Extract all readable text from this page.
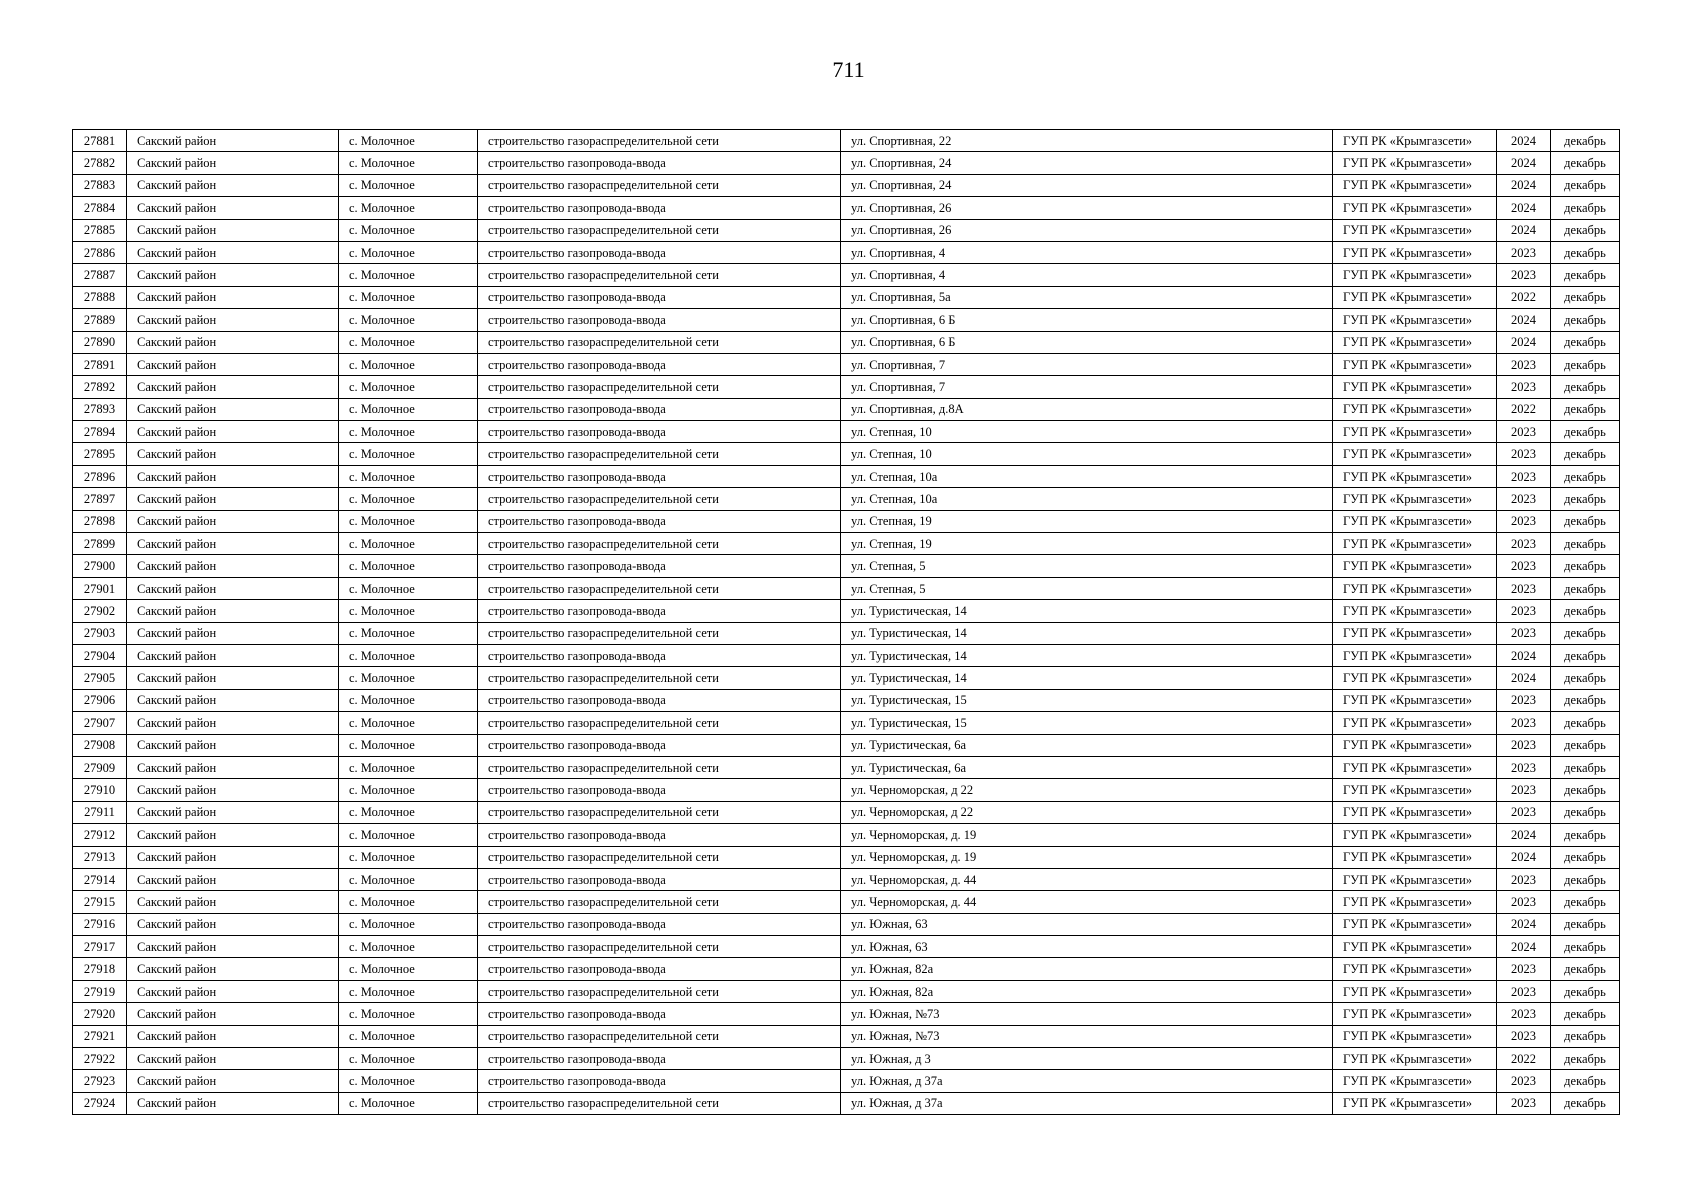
711
27881	Сакский район	с. Молочное	строительство газораспределительной сети	ул. Спортивная, 22	ГУП РК «Крымгазсети»	2024	декабрь
27882	Сакский район	с. Молочное	строительство газопровода-ввода	ул. Спортивная, 24	ГУП РК «Крымгазсети»	2024	декабрь
27883	Сакский район	с. Молочное	строительство газораспределительной сети	ул. Спортивная, 24	ГУП РК «Крымгазсети»	2024	декабрь
27884	Сакский район	с. Молочное	строительство газопровода-ввода	ул. Спортивная, 26	ГУП РК «Крымгазсети»	2024	декабрь
27885	Сакский район	с. Молочное	строительство газораспределительной сети	ул. Спортивная, 26	ГУП РК «Крымгазсети»	2024	декабрь
27886	Сакский район	с. Молочное	строительство газопровода-ввода	ул. Спортивная, 4	ГУП РК «Крымгазсети»	2023	декабрь
27887	Сакский район	с. Молочное	строительство газораспределительной сети	ул. Спортивная, 4	ГУП РК «Крымгазсети»	2023	декабрь
27888	Сакский район	с. Молочное	строительство газопровода-ввода	ул. Спортивная, 5а	ГУП РК «Крымгазсети»	2022	декабрь
27889	Сакский район	с. Молочное	строительство газопровода-ввода	ул. Спортивная, 6 Б	ГУП РК «Крымгазсети»	2024	декабрь
27890	Сакский район	с. Молочное	строительство газораспределительной сети	ул. Спортивная, 6 Б	ГУП РК «Крымгазсети»	2024	декабрь
27891	Сакский район	с. Молочное	строительство газопровода-ввода	ул. Спортивная, 7	ГУП РК «Крымгазсети»	2023	декабрь
27892	Сакский район	с. Молочное	строительство газораспределительной сети	ул. Спортивная, 7	ГУП РК «Крымгазсети»	2023	декабрь
27893	Сакский район	с. Молочное	строительство газопровода-ввода	ул. Спортивная, д.8А	ГУП РК «Крымгазсети»	2022	декабрь
27894	Сакский район	с. Молочное	строительство газопровода-ввода	ул. Степная, 10	ГУП РК «Крымгазсети»	2023	декабрь
27895	Сакский район	с. Молочное	строительство газораспределительной сети	ул. Степная, 10	ГУП РК «Крымгазсети»	2023	декабрь
27896	Сакский район	с. Молочное	строительство газопровода-ввода	ул. Степная, 10а	ГУП РК «Крымгазсети»	2023	декабрь
27897	Сакский район	с. Молочное	строительство газораспределительной сети	ул. Степная, 10а	ГУП РК «Крымгазсети»	2023	декабрь
27898	Сакский район	с. Молочное	строительство газопровода-ввода	ул. Степная, 19	ГУП РК «Крымгазсети»	2023	декабрь
27899	Сакский район	с. Молочное	строительство газораспределительной сети	ул. Степная, 19	ГУП РК «Крымгазсети»	2023	декабрь
27900	Сакский район	с. Молочное	строительство газопровода-ввода	ул. Степная, 5	ГУП РК «Крымгазсети»	2023	декабрь
27901	Сакский район	с. Молочное	строительство газораспределительной сети	ул. Степная, 5	ГУП РК «Крымгазсети»	2023	декабрь
27902	Сакский район	с. Молочное	строительство газопровода-ввода	ул. Туристическая, 14	ГУП РК «Крымгазсети»	2023	декабрь
27903	Сакский район	с. Молочное	строительство газораспределительной сети	ул. Туристическая, 14	ГУП РК «Крымгазсети»	2023	декабрь
27904	Сакский район	с. Молочное	строительство газопровода-ввода	ул. Туристическая, 14	ГУП РК «Крымгазсети»	2024	декабрь
27905	Сакский район	с. Молочное	строительство газораспределительной сети	ул. Туристическая, 14	ГУП РК «Крымгазсети»	2024	декабрь
27906	Сакский район	с. Молочное	строительство газопровода-ввода	ул. Туристическая, 15	ГУП РК «Крымгазсети»	2023	декабрь
27907	Сакский район	с. Молочное	строительство газораспределительной сети	ул. Туристическая, 15	ГУП РК «Крымгазсети»	2023	декабрь
27908	Сакский район	с. Молочное	строительство газопровода-ввода	ул. Туристическая, 6а	ГУП РК «Крымгазсети»	2023	декабрь
27909	Сакский район	с. Молочное	строительство газораспределительной сети	ул. Туристическая, 6а	ГУП РК «Крымгазсети»	2023	декабрь
27910	Сакский район	с. Молочное	строительство газопровода-ввода	ул. Черноморская, д 22	ГУП РК «Крымгазсети»	2023	декабрь
27911	Сакский район	с. Молочное	строительство газораспределительной сети	ул. Черноморская, д 22	ГУП РК «Крымгазсети»	2023	декабрь
27912	Сакский район	с. Молочное	строительство газопровода-ввода	ул. Черноморская, д. 19	ГУП РК «Крымгазсети»	2024	декабрь
27913	Сакский район	с. Молочное	строительство газораспределительной сети	ул. Черноморская, д. 19	ГУП РК «Крымгазсети»	2024	декабрь
27914	Сакский район	с. Молочное	строительство газопровода-ввода	ул. Черноморская, д. 44	ГУП РК «Крымгазсети»	2023	декабрь
27915	Сакский район	с. Молочное	строительство газораспределительной сети	ул. Черноморская, д. 44	ГУП РК «Крымгазсети»	2023	декабрь
27916	Сакский район	с. Молочное	строительство газопровода-ввода	ул. Южная, 63	ГУП РК «Крымгазсети»	2024	декабрь
27917	Сакский район	с. Молочное	строительство газораспределительной сети	ул. Южная, 63	ГУП РК «Крымгазсети»	2024	декабрь
27918	Сакский район	с. Молочное	строительство газопровода-ввода	ул. Южная, 82а	ГУП РК «Крымгазсети»	2023	декабрь
27919	Сакский район	с. Молочное	строительство газораспределительной сети	ул. Южная, 82а	ГУП РК «Крымгазсети»	2023	декабрь
27920	Сакский район	с. Молочное	строительство газопровода-ввода	ул. Южная, №73	ГУП РК «Крымгазсети»	2023	декабрь
27921	Сакский район	с. Молочное	строительство газораспределительной сети	ул. Южная, №73	ГУП РК «Крымгазсети»	2023	декабрь
27922	Сакский район	с. Молочное	строительство газопровода-ввода	ул. Южная, д 3	ГУП РК «Крымгазсети»	2022	декабрь
27923	Сакский район	с. Молочное	строительство газопровода-ввода	ул. Южная, д 37а	ГУП РК «Крымгазсети»	2023	декабрь
27924	Сакский район	с. Молочное	строительство газораспределительной сети	ул. Южная, д 37а	ГУП РК «Крымгазсети»	2023	декабрь
